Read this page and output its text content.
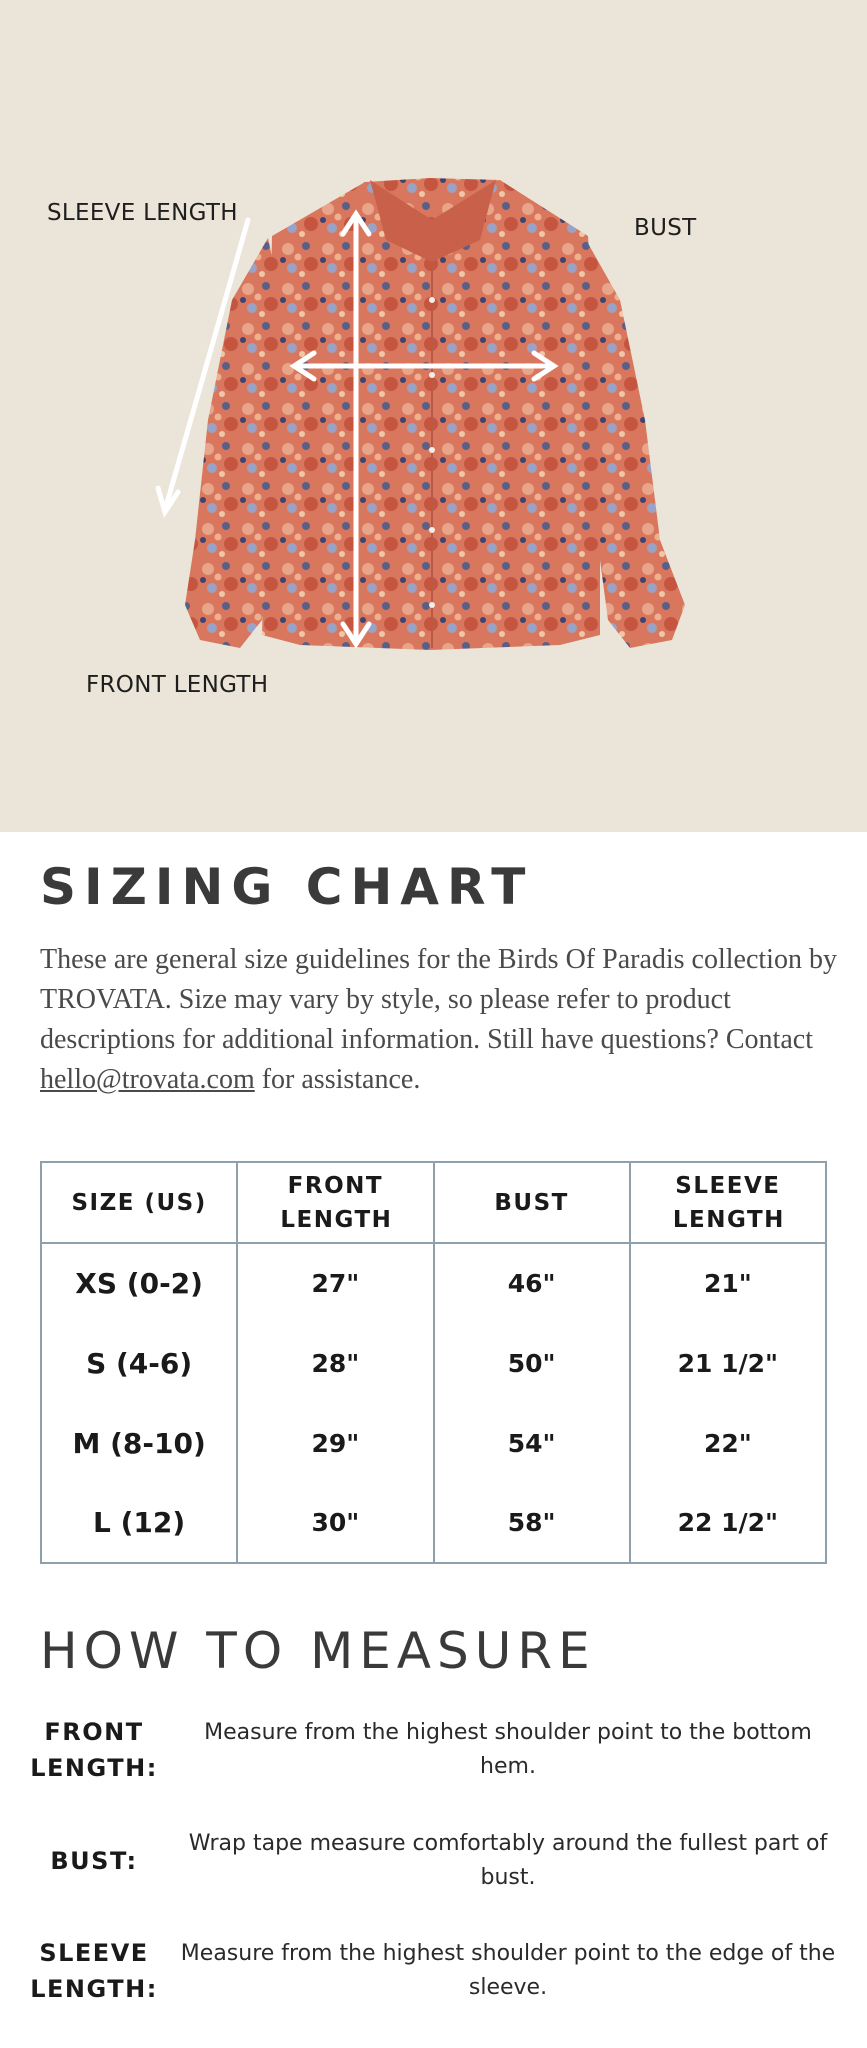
SLEEVE LENGTH
BUST
FRONT LENGTH
SIZING CHART

These are general size guidelines for the Birds Of Paradis collection by TROVATA. Size may vary by style, so please refer to product descriptions for additional information. Still have questions? Contact hello@trovata.com for assistance.

SIZE (US)	FRONT LENGTH	BUST	SLEEVE LENGTH
XS (0-2)	27"	46"	21"
S (4-6)	28"	50"	21 1/2"
M (8-10)	29"	54"	22"
L (12)	30"	58"	22 1/2"
HOW TO MEASURE
FRONT LENGTH:
Measure from the highest shoulder point to the bottom hem.
BUST:
Wrap tape measure comfortably around the fullest part of bust.
SLEEVE LENGTH:
Measure from the highest shoulder point to the edge of the sleeve.
